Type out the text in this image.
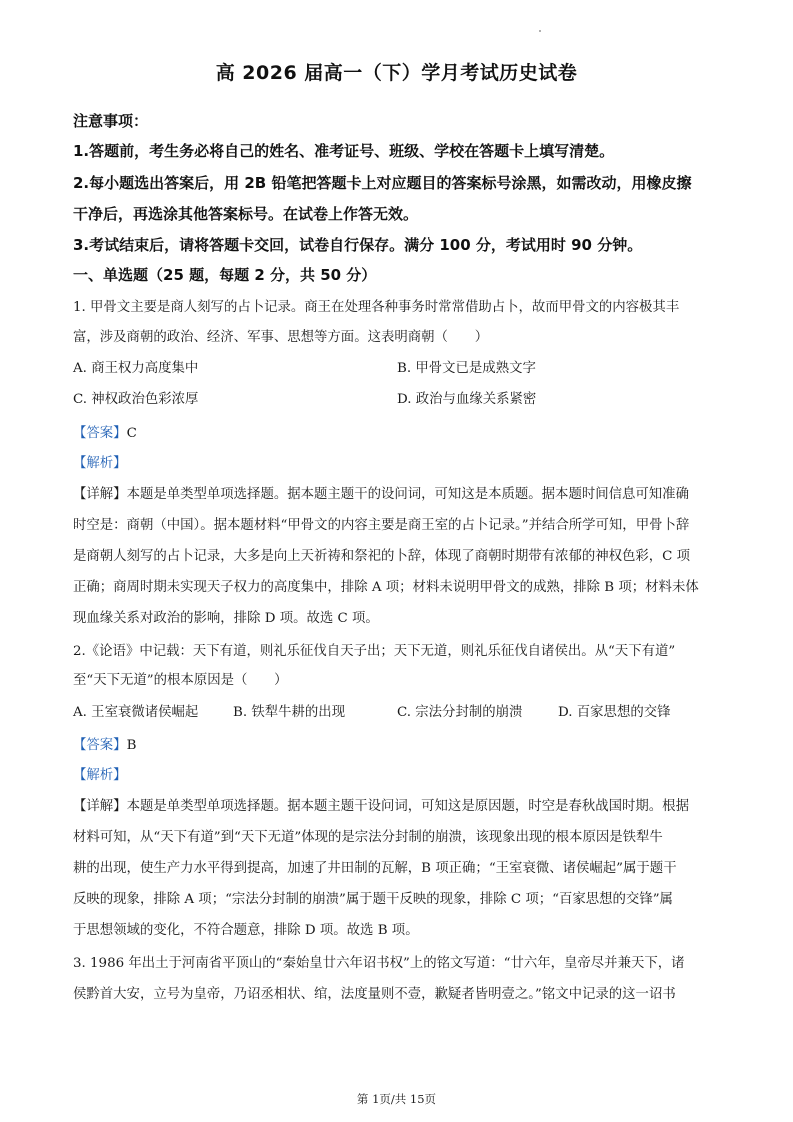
高 2026 届高一（下）学月考试历史试卷
注意事项：
1.答题前，考生务必将自己的姓名、准考证号、班级、学校在答题卡上填写清楚。
2.每小题选出答案后，用 2B 铅笔把答题卡上对应题目的答案标号涂黑，如需改动，用橡皮擦
干净后，再选涂其他答案标号。在试卷上作答无效。
3.考试结束后，请将答题卡交回，试卷自行保存。满分 100 分，考试用时 90 分钟。
一、单选题（25 题，每题 2 分，共 50 分）
1. 甲骨文主要是商人刻写的占卜记录。商王在处理各种事务时常常借助占卜，故而甲骨文的内容极其丰
富，涉及商朝的政治、经济、军事、思想等方面。这表明商朝（　　）
A. 商王权力高度集中	B. 甲骨文已是成熟文字
C. 神权政治色彩浓厚	D. 政治与血缘关系紧密
【答案】C
【解析】
【详解】本题是单类型单项选择题。据本题主题干的设问词，可知这是本质题。据本题时间信息可知准确
时空是：商朝（中国）。据本题材料“甲骨文的内容主要是商王室的占卜记录。”并结合所学可知，甲骨卜辞
是商朝人刻写的占卜记录，大多是向上天祈祷和祭祀的卜辞，体现了商朝时期带有浓郁的神权色彩，C 项
正确；商周时期未实现天子权力的高度集中，排除 A 项；材料未说明甲骨文的成熟，排除 B 项；材料未体
现血缘关系对政治的影响，排除 D 项。故选 C 项。
2.《论语》中记载：天下有道，则礼乐征伐自天子出；天下无道，则礼乐征伐自诸侯出。从“天下有道”
至“天下无道”的根本原因是（　　）
A. 王室衰微诸侯崛起	B. 铁犁牛耕的出现	C. 宗法分封制的崩溃	D. 百家思想的交锋
【答案】B
【解析】
【详解】本题是单类型单项选择题。据本题主题干设问词，可知这是原因题，时空是春秋战国时期。根据
材料可知，从“天下有道”到“天下无道”体现的是宗法分封制的崩溃，该现象出现的根本原因是铁犁牛
耕的出现，使生产力水平得到提高，加速了井田制的瓦解，B 项正确；“王室衰微、诸侯崛起”属于题干
反映的现象，排除 A 项；“宗法分封制的崩溃”属于题干反映的现象，排除 C 项；“百家思想的交锋”属
于思想领域的变化，不符合题意，排除 D 项。故选 B 项。
3. 1986 年出土于河南省平顶山的“秦始皇廿六年诏书权”上的铭文写道：“廿六年，皇帝尽并兼天下，诸
侯黔首大安，立号为皇帝，乃诏丞相状、绾，法度量则不壹，歉疑者皆明壹之。”铭文中记录的这一诏书
第 1页/共 15页
